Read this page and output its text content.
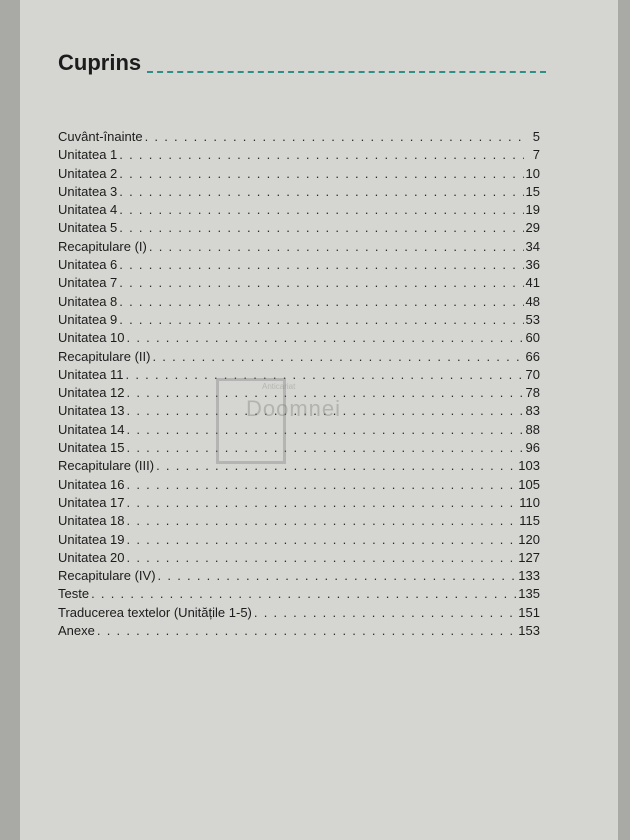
Cuprins
Cuvânt-înainte . . .	5
Unitatea 1 . . .	7
Unitatea 2 . . .	10
Unitatea 3 . . .	15
Unitatea 4 . . .	19
Unitatea 5 . . .	29
Recapitulare (I) . . .	34
Unitatea 6 . . .	36
Unitatea 7 . . .	41
Unitatea 8 . . .	48
Unitatea 9 . . .	53
Unitatea 10 . . .	60
Recapitulare (II) . . .	66
Unitatea 11 . . .	70
Unitatea 12 . . .	78
Unitatea 13 . . .	83
Unitatea 14 . . .	88
Unitatea 15 . . .	96
Recapitulare (III) . . .	103
Unitatea 16 . . .	105
Unitatea 17 . . .	110
Unitatea 18 . . .	115
Unitatea 19 . . .	120
Unitatea 20 . . .	127
Recapitulare (IV) . . .	133
Teste . . .	135
Traducerea textelor (Unitățile 1-5) . . .	151
Anexe . . .	153
Anticariat
Doomnei
